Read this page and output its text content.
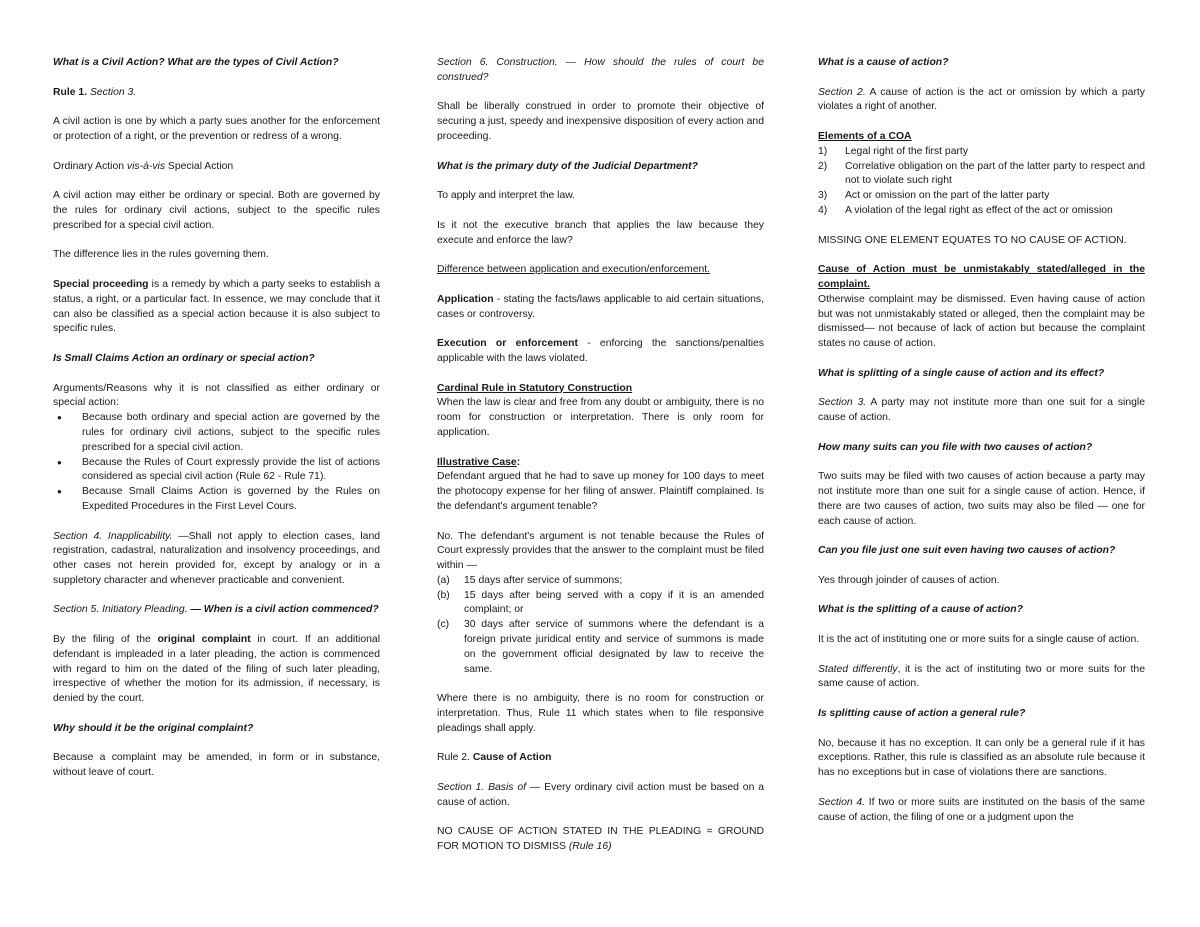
What is a Civil Action? What are the types of Civil Action?

Rule 1. Section 3.

A civil action is one by which a party sues another for the enforcement or protection of a right, or the prevention or redress of a wrong.

Ordinary Action vis-à-vis Special Action

A civil action may either be ordinary or special. Both are governed by the rules for ordinary civil actions, subject to the specific rules prescribed for a special civil action.

The difference lies in the rules governing them.

Special proceeding is a remedy by which a party seeks to establish a status, a right, or a particular fact. In essence, we may conclude that it can also be classified as a special action because it is also subject to specific rules.

Is Small Claims Action an ordinary or special action?

Arguments/Reasons why it is not classified as either ordinary or special action:

● Because both ordinary and special action are governed by the rules for ordinary civil actions, subject to the specific rules prescribed for a special civil action.
● Because the Rules of Court expressly provide the list of actions considered as special civil action (Rule 62 - Rule 71).
● Because Small Claims Action is governed by the Rules on Expedited Procedures in the First Level Cours.

Section 4. Inapplicability. —Shall not apply to election cases, land registration, cadastral, naturalization and insolvency proceedings, and other cases not herein provided for, except by analogy or in a suppletory character and whenever practicable and convenient.

Section 5. Initiatory Pleading. — When is a civil action commenced?

By the filing of the original complaint in court. If an additional defendant is impleaded in a later pleading, the action is commenced with regard to him on the dated of the filing of such later pleading, irrespective of whether the motion for its admission, if necessary, is denied by the court.

Why should it be the original complaint?

Because a complaint may be amended, in form or in substance, without leave of court.

Section 6. Construction. — How should the rules of court be construed?

Shall be liberally construed in order to promote their objective of securing a just, speedy and inexpensive disposition of every action and proceeding.

What is the primary duty of the Judicial Department?

To apply and interpret the law.

Is it not the executive branch that applies the law because they execute and enforce the law?

Difference between application and execution/enforcement.

Application - stating the facts/laws applicable to aid certain situations, cases or controversy.

Execution or enforcement - enforcing the sanctions/penalties applicable with the laws violated.

Cardinal Rule in Statutory Construction

When the law is clear and free from any doubt or ambiguity, there is no room for construction or interpretation. There is only room for application.

Illustrative Case:

Defendant argued that he had to save up money for 100 days to meet the photocopy expense for her filing of answer. Plaintiff complained. Is the defendant's argument tenable?

No. The defendant's argument is not tenable because the Rules of Court expressly provides that the answer to the complaint must be filed within —

(a) 15 days after service of summons;
(b) 15 days after being served with a copy if it is an amended complaint; or
(c) 30 days after service of summons where the defendant is a foreign private juridical entity and service of summons is made on the government official designated by law to receive the same.

Where there is no ambiguity, there is no room for construction or interpretation. Thus, Rule 11 which states when to file responsive pleadings shall apply.

Rule 2. Cause of Action

Section 1. Basis of — Every ordinary civil action must be based on a cause of action.

NO CAUSE OF ACTION STATED IN THE PLEADING = GROUND FOR MOTION TO DISMISS (Rule 16)

What is a cause of action?

Section 2. A cause of action is the act or omission by which a party violates a right of another.

Elements of a COA

1) Legal right of the first party
2) Correlative obligation on the part of the latter party to respect and not to violate such right
3) Act or omission on the part of the latter party
4) A violation of the legal right as effect of the act or omission

MISSING ONE ELEMENT EQUATES TO NO CAUSE OF ACTION.

Cause of Action must be unmistakably stated/alleged in the complaint.

Otherwise complaint may be dismissed. Even having cause of action but was not unmistakably stated or alleged, then the complaint may be dismissed— not because of lack of action but because the complaint states no cause of action.

What is splitting of a single cause of action and its effect?

Section 3. A party may not institute more than one suit for a single cause of action.

How many suits can you file with two causes of action?

Two suits may be filed with two causes of action because a party may not institute more than one suit for a single cause of action. Hence, if there are two causes of action, two suits may also be filed — one for each cause of action.

Can you file just one suit even having two causes of action?

Yes through joinder of causes of action.

What is the splitting of a cause of action?

It is the act of instituting one or more suits for a single cause of action.

Stated differently, it is the act of instituting two or more suits for the same cause of action.

Is splitting cause of action a general rule?

No, because it has no exception. It can only be a general rule if it has exceptions. Rather, this rule is classified as an absolute rule because it has no exceptions but in case of violations there are sanctions.

Section 4. If two or more suits are instituted on the basis of the same cause of action, the filing of one or a judgment upon the
